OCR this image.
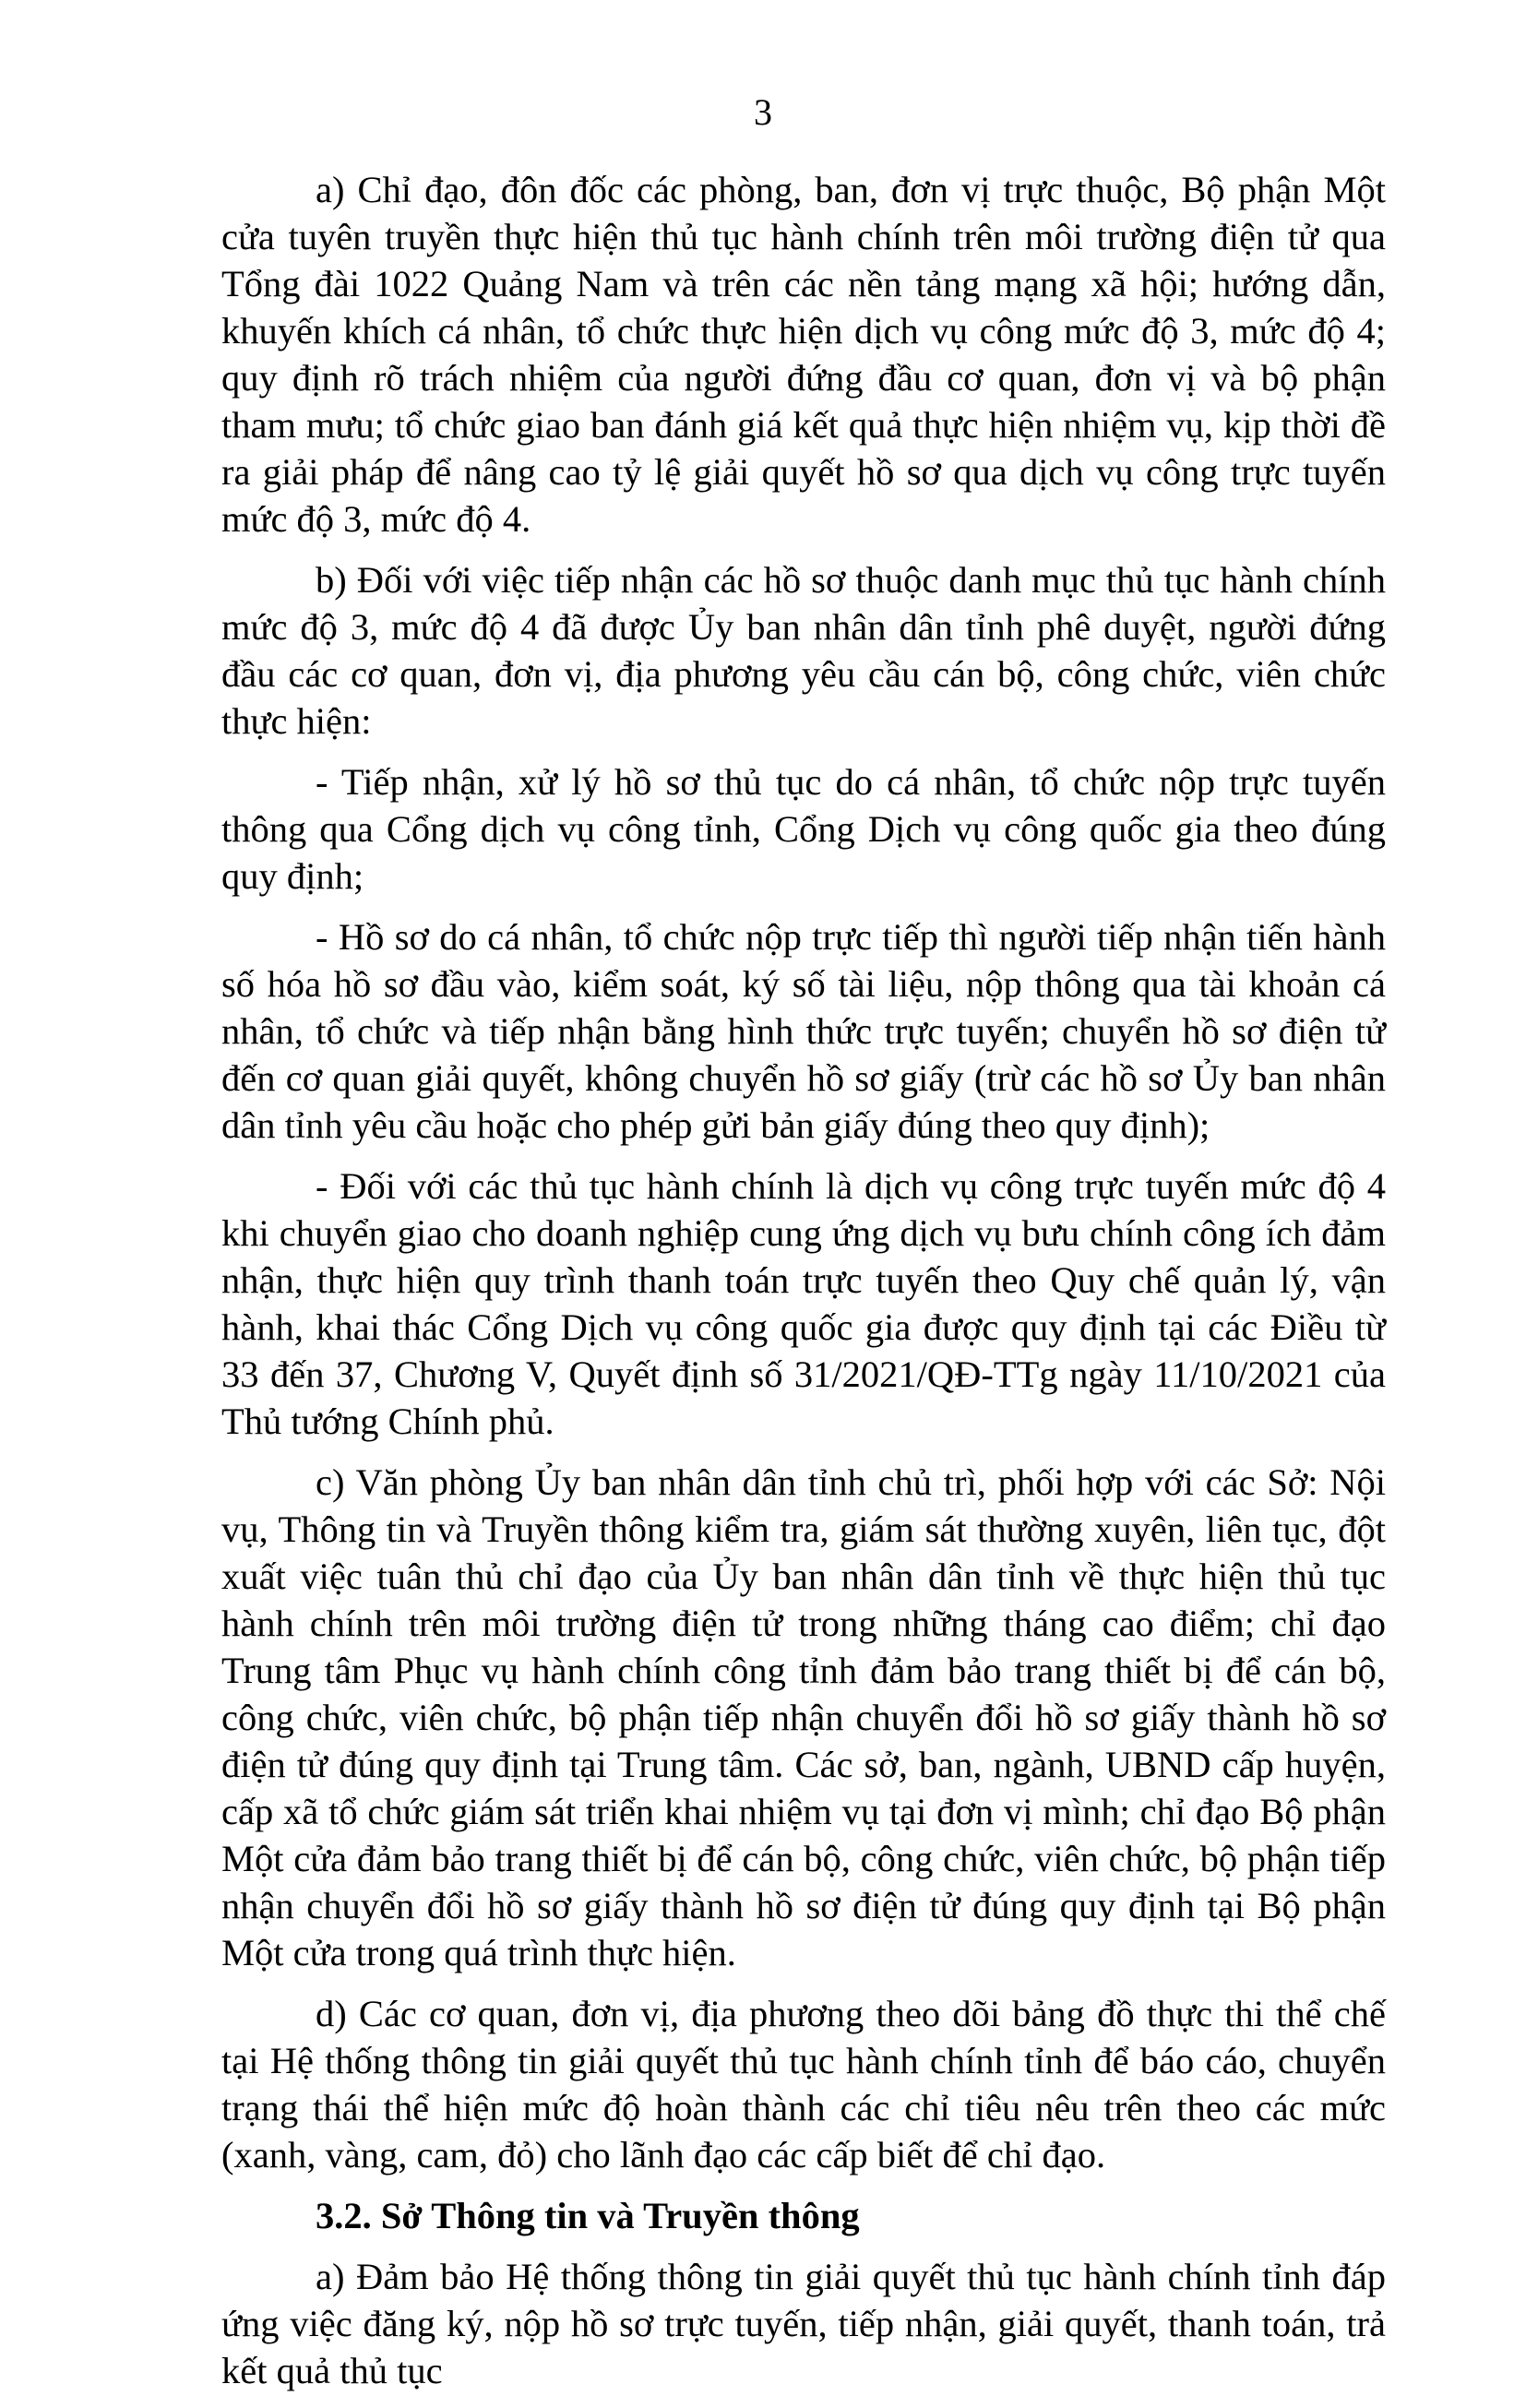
3

a) Chỉ đạo, đôn đốc các phòng, ban, đơn vị trực thuộc, Bộ phận Một cửa tuyên truyền thực hiện thủ tục hành chính trên môi trường điện tử qua Tổng đài 1022 Quảng Nam và trên các nền tảng mạng xã hội; hướng dẫn, khuyến khích cá nhân, tổ chức thực hiện dịch vụ công mức độ 3, mức độ 4; quy định rõ trách nhiệm của người đứng đầu cơ quan, đơn vị và bộ phận tham mưu; tổ chức giao ban đánh giá kết quả thực hiện nhiệm vụ, kịp thời đề ra giải pháp để nâng cao tỷ lệ giải quyết hồ sơ qua dịch vụ công trực tuyến mức độ 3, mức độ 4.

b) Đối với việc tiếp nhận các hồ sơ thuộc danh mục thủ tục hành chính mức độ 3, mức độ 4 đã được Ủy ban nhân dân tỉnh phê duyệt, người đứng đầu các cơ quan, đơn vị, địa phương yêu cầu cán bộ, công chức, viên chức thực hiện:

- Tiếp nhận, xử lý hồ sơ thủ tục do cá nhân, tổ chức nộp trực tuyến thông qua Cổng dịch vụ công tỉnh, Cổng Dịch vụ công quốc gia theo đúng quy định;

- Hồ sơ do cá nhân, tổ chức nộp trực tiếp thì người tiếp nhận tiến hành số hóa hồ sơ đầu vào, kiểm soát, ký số tài liệu, nộp thông qua tài khoản cá nhân, tổ chức và tiếp nhận bằng hình thức trực tuyến; chuyển hồ sơ điện tử đến cơ quan giải quyết, không chuyển hồ sơ giấy (trừ các hồ sơ Ủy ban nhân dân tỉnh yêu cầu hoặc cho phép gửi bản giấy đúng theo quy định);

- Đối với các thủ tục hành chính là dịch vụ công trực tuyến mức độ 4 khi chuyển giao cho doanh nghiệp cung ứng dịch vụ bưu chính công ích đảm nhận, thực hiện quy trình thanh toán trực tuyến theo Quy chế quản lý, vận hành, khai thác Cổng Dịch vụ công quốc gia được quy định tại các Điều từ 33 đến 37, Chương V, Quyết định số 31/2021/QĐ-TTg ngày 11/10/2021 của Thủ tướng Chính phủ.

c) Văn phòng Ủy ban nhân dân tỉnh chủ trì, phối hợp với các Sở: Nội vụ, Thông tin và Truyền thông kiểm tra, giám sát thường xuyên, liên tục, đột xuất việc tuân thủ chỉ đạo của Ủy ban nhân dân tỉnh về thực hiện thủ tục hành chính trên môi trường điện tử trong những tháng cao điểm; chỉ đạo Trung tâm Phục vụ hành chính công tỉnh đảm bảo trang thiết bị để cán bộ, công chức, viên chức, bộ phận tiếp nhận chuyển đổi hồ sơ giấy thành hồ sơ điện tử đúng quy định tại Trung tâm. Các sở, ban, ngành, UBND cấp huyện, cấp xã tổ chức giám sát triển khai nhiệm vụ tại đơn vị mình; chỉ đạo Bộ phận Một cửa đảm bảo trang thiết bị để cán bộ, công chức, viên chức, bộ phận tiếp nhận chuyển đổi hồ sơ giấy thành hồ sơ điện tử đúng quy định tại Bộ phận Một cửa trong quá trình thực hiện.

d) Các cơ quan, đơn vị, địa phương theo dõi bảng đồ thực thi thể chế tại Hệ thống thông tin giải quyết thủ tục hành chính tỉnh để báo cáo, chuyển trạng thái thể hiện mức độ hoàn thành các chỉ tiêu nêu trên theo các mức (xanh, vàng, cam, đỏ) cho lãnh đạo các cấp biết để chỉ đạo.

3.2. Sở Thông tin và Truyền thông

a) Đảm bảo Hệ thống thông tin giải quyết thủ tục hành chính tỉnh đáp ứng việc đăng ký, nộp hồ sơ trực tuyến, tiếp nhận, giải quyết, thanh toán, trả kết quả thủ tục
